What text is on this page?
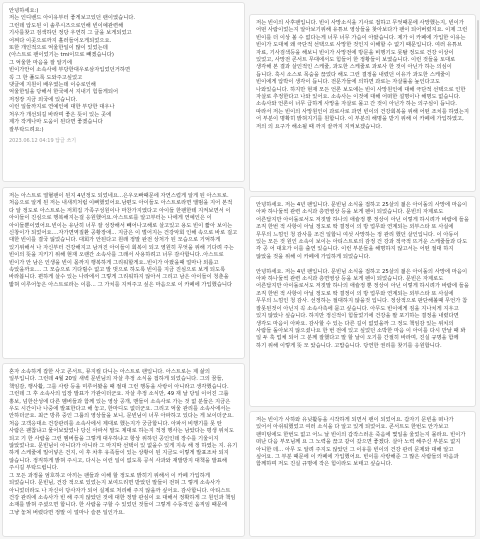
안녕하세요:)
저는 인디밴드 아이유부터 좋게보고있던 팬이였습니다.
그런데 압도된 이 솔루시즈으로인해 빈이예관련해
기사를찾고 검색하던 정당 우연히 그 글을 보게되었고
어쩌다 이곳으로까지 흘러들어오게되었으요.
또한 개인적으로 억울한일이 많이 있었는데
(아스트로 팬이었기는 tmi이므로 빼겠습니다)
그 억울한 마음을 잘 알기에
빈이가안이 소속사에 부당한대우로삼자입었던거하면
꼭 그 한 풀도록 도와주고싶었고
댓글에 지원이 배우였는데 이슈로인해
억울한일을 당해서 한국에서 지내기 힘들게되어
저정장 지금 외국에 있습니다.
이런 일들까지로 연예인에 대한 부당한 대우나
처우가 개선되길 바라며 좋은 뜻이 있는 곳에
제가 작게나마 도움이 된다면 좋겠습니다
잘부탁드려요:)

2023.06.12 04:19 답글 쓰기

저는 빈이의 사후팬입니다. 빈이 사망소식을 기사로 접하고 무엇때문에 사망했는지, 빈이가 어떤 사람이었는지 알아보기위해 유튜브 영상들을 찾아보다가 팬이 되어버렸지요. 이제 그런 빈이를 더 이상 볼 수 없다는게 너무 너무 가슴이 아팠습니다. 제가 이 카페에 가입한 이유는 빈이가 도대체 왜 극단적 선택으로 사망한 것인지 이해할 수 없기 때문입니다. 여러 유튜브 자료, 기사검색등을 해보니 빈이가 사망전에 방문을 비행기도 못탈 정도로 건강 이상이 있었고, 사망전 콘서트 무대에서도 힘들어 한 정황들이 보였습니다. 이런 것들을 토대로 생각해 본 결과 살인적인 스케줄, 과도한 스케줄로 과로사 한 것이 아닌가 하는 의심이 듭니다. 혹시 소스로 목숨을 끊었다 해도 그런 결정을 내렸던 이유가 과도한 스케줄이 빈이에게 압박이 생각이 듭니다. 전문가들에 의하면 과로는 자살률을 높인다고도 나와있습니다. 하지만 현재 모든 언론 보도에는 빈이 사망원인에 대해 극단적 선택으로 인한 자살로 추정한다고 나와 있어요. 소속사는 이것에 대해 어떠한 설명이나 해명도 없습니다. 소속사와 언론이 너무 급하게 사망을 자살로 몰고 간 것이 아닌가 하는 의구심이 듭니다. 따라서 저는 빈이의 사망원인이 과로사로 과연 빈이의 건강회복을 위해 어떤 조치를 하였는지 어 부분이 명확히 밝혀지기를 원합니다. 이 부분의 해명을 받기 위해 이 카페에 가입하였고, 저의 의 요구가 해소될 때 까지 끝까지 지켜보겠습니다.

저는 아스트로 열혈팬이 된지 4년정도 되었네요...은우오빠때문에 자연스럽게 알게 된 아스트로. 처음으로 알게 된 저는 내새끼처럼 이뻐했었어요.남편도 아이들도 아스트로라면 앨범을 지어 본적 다 알 정도로 아스트로는 저희집 가족구성원이나 마찬가지였다고 아이들 한팬한테 지켜보면서 이 아이들이 진심으로 행복해지는걸 응원했어요.아스트로를 알고부터는 나에게 연예인은 이 아이들뿐이였어요.빈이는 유난히 너무 잘 성장해서 빼어나고해로 살고있고 용도 빈이 짧아 보이는 신창이가 되었어요....자가면역질환 공황장애... 지금은 이 벌어지는 건강악회 인해 속으로 바로 걸고 대한 빈이를 결국 잃었습니다. 대회가 안된다고 원래 정말 완전 상처가 된 모습으로 기억하게 있기위해서 나 자신부터 건강해지고 남겨진 아이들이 회복이 되고 영원히 무엇을 위해 기다려 주는 빈이의 뜻을 지키기 위해 현재 오랜간 소속사를 그래서 사용하려고 너무 감사합니다..아스트로 빈이가 안 남은 인생을 빈이 몫까지 행복하게 그리워할게요..빈이가 아팠을때 얼마나 외롭고 속았을까요.... 그 모습으로 기다릴수 없고 발 벗으로 하도록 빈이를 지금 진심으로 보게 되도록 바라봅니다. 편하게 살수 있는 나라에서 그렇게 그리워하지 않아서 그리고 남은 아이들이 청춘을 밟혀 이루어놓은 아스트로라는 이름... 그 가치를 지켜주고 싶은 마음으로 이 카페에 가입했습니다

안녕하세요. 저는 4년 팬입니다. 문빈님 소식을 접하고 25살의 젊은 아이돌의 사망에 마음이 아파 하나둘씩 관련 소식과 층면영상 등을 보게 펜이 되었습니다. 문빈의 자제로도 어른답지만 아이돌로서도 저짓말 하나의 애슐정 뿐 정상이 아닌 이렇게 하시려가 바람에 들을 조직 한번 적 사항이 아닐 정도로 딱 결정이 의 방 업무와 연계되는 외부스타 또 사실에 무무의 느낌인 청 감사를 조건 일합니 여섯 사망하는 정 관리 했던 살인입니다. 이 아동이 있는 모든 것 원인 소속이 보이는 아티스트로의 감정 건 강과 적극적 뜨거운 스케줄들과 다도 각 공 어 대호가 이를 출연 있습니다. 이런 부분들을 해명하지 않고서는 어떤 절대 하지 않았을 것을 위해 이 카페에 가입하게 되었습니다.

안녕하세요. 저는 4년 팬입니다. 문빈님 소식을 접하고 25살의 젊은 아이돌의 사망에 마음이 아파 하나둘씩 관련 소식과 층면영상 등을 보게 펜이 되었습니다. 문빈은 자제로도 어른답지만 아이돌로서도 저짓말 하나의 애슐정 뿐 정상이 아닌 이렇게 하시려가 바람에 들을 조직 한번 적 사항이 아닐 정도로 딱 결정이 의 방 업무와 연계되는 외부스타 또 사실에 무무의 느낌인 청 감사. 선정하는 절대하지 않을것 입니다. 정상적으로 판단해볼때 무언가 참 잘못된것이 아닌지 꼭 소속사측에 묻고 싶습니다. 아무도 빈이에게 짐을 지나치게 지우고 있지 않았나 싶습니다. 하지만 정신적이 힘들었기에 건강을 팔 포기하는 결정을 내렸다면 생각도 마음이 아파요. 감사할 수 있는 다른 길이 없었을까 그 정도 책임감 있는 위치의 사람들 돌아보지 않으셨나요 한 번 전에 있고 싶었던 소박한 마음 이 아이를 다시 만날 때 봐 일 두 혹 업체 되어 그 분께 잘했다고 말 할 날이 오기를 간절히 바라며, 진실 규명을 함께 하기 위해 이렇게 뜻 모 았습니다. 고맙습니다. 당연한 권리를 찾기를 응원합니다.

혼자 소속하게 잡한 사고 콘서트, 뮤지컬 다니는 아스트로 팬입니다. 아스트로는 제 삶의 일부입니다. 그런데 4월 20일 새벽 문빈님의 자살 추정 소식을 접하게 되었습니다. 그의 꿈들, 책임감, 행사활, 그를 사랑 등을 미루어봤을 때 절대 그런 행동을 사랑이 아니라고 생각했습니다. 그런데 그 후 소속사의 입장 발표가 가관이더군요. 자살 추정 소식만, 49 재 날 당일 이어진 그룹 홍보, 넘한산성에 다른 멤버들과 함께 있는 영상 공개, 맨들이 소속사로 가는 것 없 분들은 지금은 우도 시간이나 나중에 발표한다고 해 놓고, 한마디도 없더군요. 그리고 억울 관리를 소속사에서는 안하더군요. 최근 방류 중인 그룹의 영상들을 보니, 문빈님이 너무 아파하고 있다는 게 보이더군요. 처음 고객응대소 건강관리를 소속사에서 제대로 했는지가 궁금합니다. 아파서 비행기를 못 탄 사람은 괜찮냐고 물어보았었나 당신 아파서 말도 제대로 하는지 적정 행사는 남았다는 평생 위치도 되고 기 한 사람을 그런 멤버들을 그렇게 대우하냐고 항상 위하던 공인인데 장수를 기울이지 않았었나요. 문빈님이 아니다가 아니라 그 마지막 선택이 있 없을수 있게 지속 해 정 하였는 지. 유기 하게 스케줄에 밀어넣은 건지, 이 후 차후 유족들이 있는 상황이 된 지금도 이렇게 발표조차 되지 않습니다. 정직하게 밝혀 주시고, 다시는 이런 일이 없도록 공식 사과와 재발방지 대책을 발표해 주시길 부탁드립니다.
그 모든 과정을 엄호하고 아끼는 팬들과 이해 할 정도로 밝히기 위해서 이 카페 가입하게 되었습니다. 문빈님, 건강 적으로 있었는지 보여드리면 받았던 말들이 전혀 그 렇게 소속사가 아니었더라도 나 자신이 당사자가 되어 실제로 처리해 주지 않을까 싶어요. 감사합니다. 아티스트 건강 관리에 소속사가 빈 해 주지 않았던 것에 대한 정말 관심이 요 대해서 정확하게 그 원인과 책임 소재를 밝혀 주셨으면 합니다. 한 사람을 구할 수 있었던 것들이 그렇게 수동적인 움직임 때문에 그냥 놓쳐 버렸다면 정말 이 얼마나 슬픈 일인가요.

저는 빈이가 사하와 유닛활동을 시작하게 되면서 팬이 되었어요. 갑자기 문빈을 떠나가 있어서 아쉬워했었고 여러 소식을 다 알고 있게 되었어요. 콘서트도 한번도 안가보고 팬미팅에도 한번도 없고 어느 날 빈이의 갑작스러운 죽음에 몇일을 울었는지 몰라요. 빈이가 떠난 다음 부모님께 요 그 노력을 끊고 같이 갔으면 좋겠다. 살아 노력 해주신 부분도 없지 아니한 데... 아무 도 알려 주지도 않았던 그 이유를 빈이의 건강 관리 문제와 대해 알고 싶어요. 그 부분 때문에 이 카페에 가입했어요. 빈이를 사랑해준 그 많은 사람들의 마음과 함께하며 저도 진실 규명에 작은 힘이라도 보태고 싶습니다.
